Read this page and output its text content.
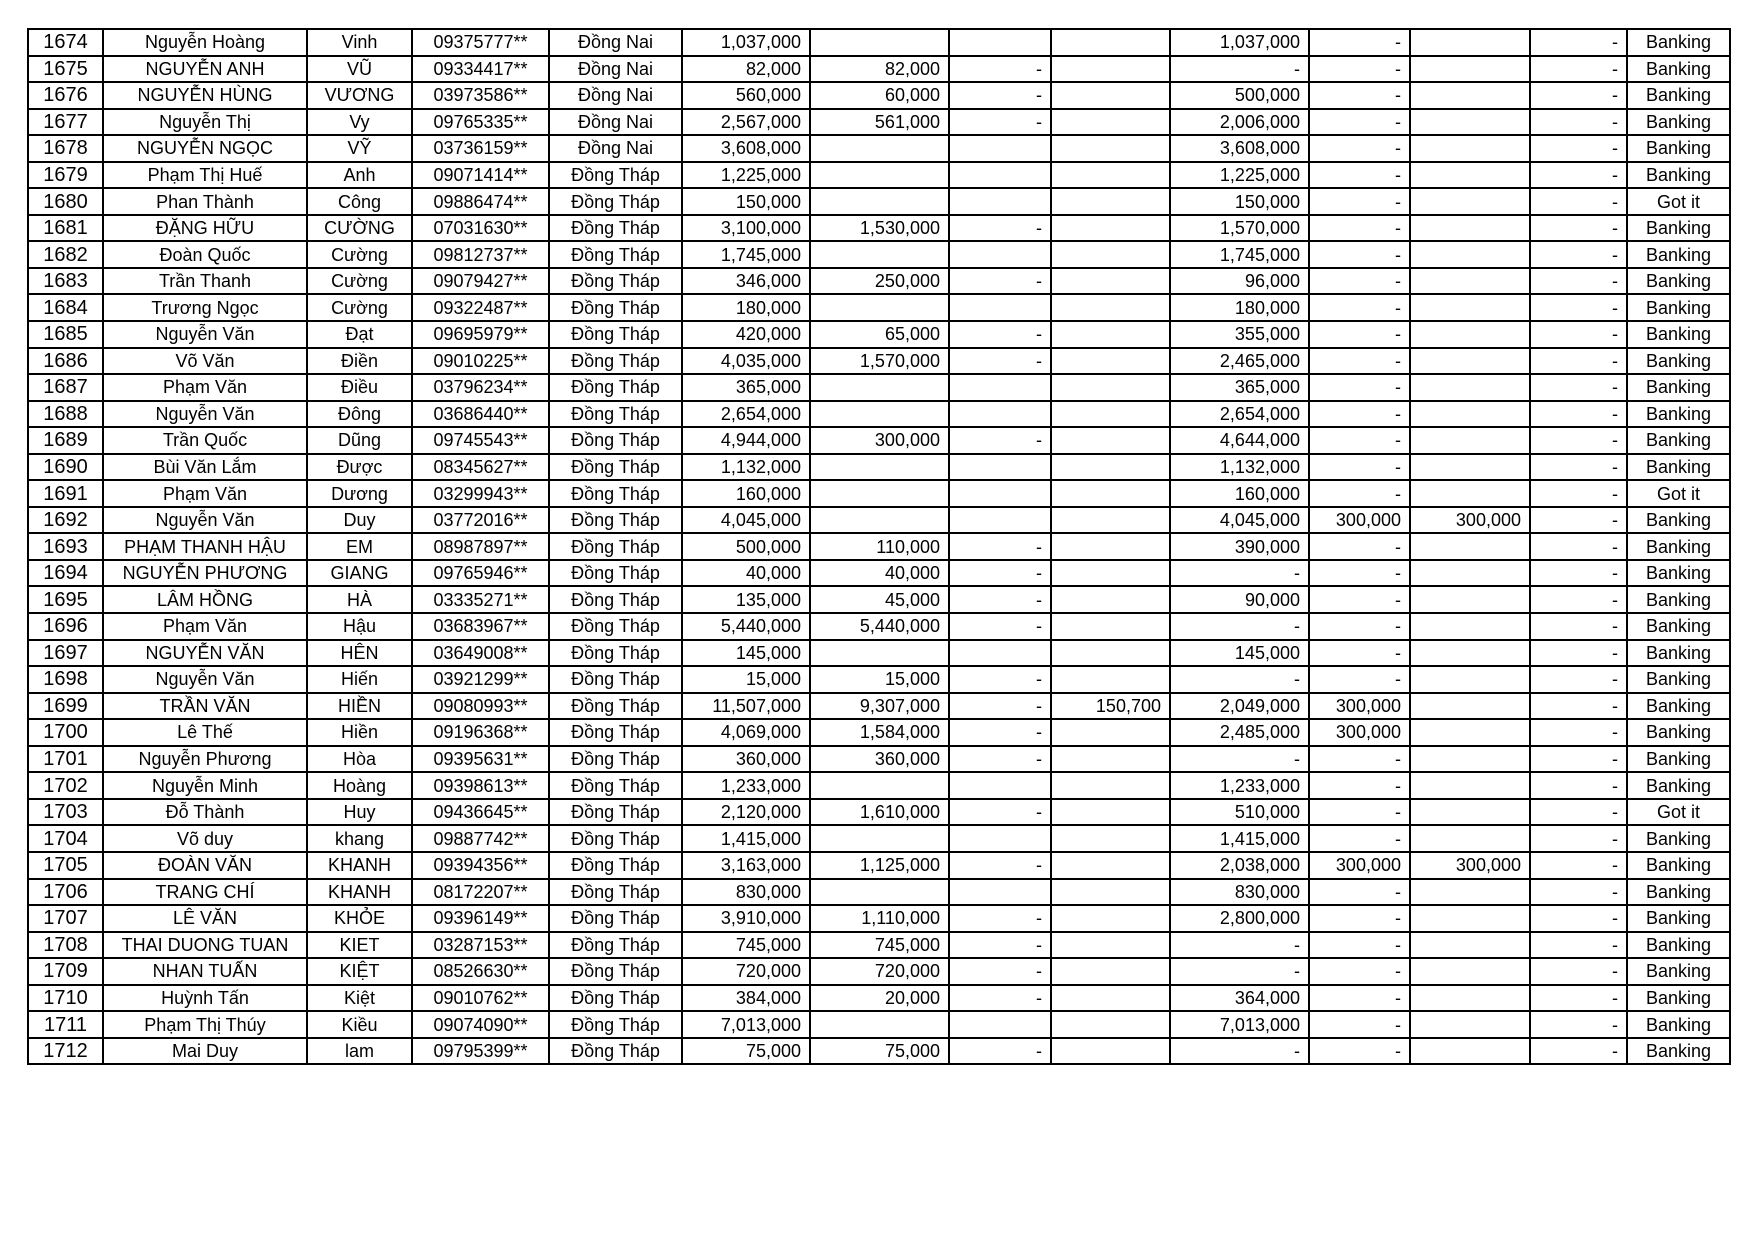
1674	Nguyễn Hoàng	Vinh	09375777**	Đồng Nai	1,037,000				1,037,000	-		-	Banking
1675	NGUYỄN ANH	VŨ	09334417**	Đồng Nai	82,000	82,000	-		-	-		-	Banking
1676	NGUYỄN HÙNG	VƯƠNG	03973586**	Đồng Nai	560,000	60,000	-		500,000	-		-	Banking
1677	Nguyễn Thị	Vy	09765335**	Đồng Nai	2,567,000	561,000	-		2,006,000	-		-	Banking
1678	NGUYỄN NGỌC	VỸ	03736159**	Đồng Nai	3,608,000				3,608,000	-		-	Banking
1679	Phạm Thị Huế	Anh	09071414**	Đồng Tháp	1,225,000				1,225,000	-		-	Banking
1680	Phan Thành	Công	09886474**	Đồng Tháp	150,000				150,000	-		-	Got it
1681	ĐẶNG HỮU	CƯỜNG	07031630**	Đồng Tháp	3,100,000	1,530,000	-		1,570,000	-		-	Banking
1682	Đoàn Quốc	Cường	09812737**	Đồng Tháp	1,745,000				1,745,000	-		-	Banking
1683	Trần Thanh	Cường	09079427**	Đồng Tháp	346,000	250,000	-		96,000	-		-	Banking
1684	Trương Ngọc	Cường	09322487**	Đồng Tháp	180,000				180,000	-		-	Banking
1685	Nguyễn Văn	Đạt	09695979**	Đồng Tháp	420,000	65,000	-		355,000	-		-	Banking
1686	Võ Văn	Điền	09010225**	Đồng Tháp	4,035,000	1,570,000	-		2,465,000	-		-	Banking
1687	Phạm Văn	Điều	03796234**	Đồng Tháp	365,000				365,000	-		-	Banking
1688	Nguyễn Văn	Đông	03686440**	Đồng Tháp	2,654,000				2,654,000	-		-	Banking
1689	Trần Quốc	Dũng	09745543**	Đồng Tháp	4,944,000	300,000	-		4,644,000	-		-	Banking
1690	Bùi Văn Lắm	Được	08345627**	Đồng Tháp	1,132,000				1,132,000	-		-	Banking
1691	Phạm Văn	Dương	03299943**	Đồng Tháp	160,000				160,000	-		-	Got it
1692	Nguyễn Văn	Duy	03772016**	Đồng Tháp	4,045,000				4,045,000	300,000	300,000	-	Banking
1693	PHẠM THANH HẬU	EM	08987897**	Đồng Tháp	500,000	110,000	-		390,000	-		-	Banking
1694	NGUYỄN PHƯƠNG	GIANG	09765946**	Đồng Tháp	40,000	40,000	-		-	-		-	Banking
1695	LÂM HỒNG	HÀ	03335271**	Đồng Tháp	135,000	45,000	-		90,000	-		-	Banking
1696	Phạm Văn	Hậu	03683967**	Đồng Tháp	5,440,000	5,440,000	-		-	-		-	Banking
1697	NGUYỄN VĂN	HÊN	03649008**	Đồng Tháp	145,000				145,000	-		-	Banking
1698	Nguyễn Văn	Hiến	03921299**	Đồng Tháp	15,000	15,000	-		-	-		-	Banking
1699	TRẦN VĂN	HIỀN	09080993**	Đồng Tháp	11,507,000	9,307,000	-	150,700	2,049,000	300,000		-	Banking
1700	Lê Thế	Hiền	09196368**	Đồng Tháp	4,069,000	1,584,000	-		2,485,000	300,000		-	Banking
1701	Nguyễn Phương	Hòa	09395631**	Đồng Tháp	360,000	360,000	-		-	-		-	Banking
1702	Nguyễn Minh	Hoàng	09398613**	Đồng Tháp	1,233,000				1,233,000	-		-	Banking
1703	Đỗ Thành	Huy	09436645**	Đồng Tháp	2,120,000	1,610,000	-		510,000	-		-	Got it
1704	Võ duy	khang	09887742**	Đồng Tháp	1,415,000				1,415,000	-		-	Banking
1705	ĐOÀN VĂN	KHANH	09394356**	Đồng Tháp	3,163,000	1,125,000	-		2,038,000	300,000	300,000	-	Banking
1706	TRANG CHÍ	KHANH	08172207**	Đồng Tháp	830,000				830,000	-		-	Banking
1707	LÊ VĂN	KHỎE	09396149**	Đồng Tháp	3,910,000	1,110,000	-		2,800,000	-		-	Banking
1708	THAI DUONG TUAN	KIET	03287153**	Đồng Tháp	745,000	745,000	-		-	-		-	Banking
1709	NHAN TUẤN	KIỆT	08526630**	Đồng Tháp	720,000	720,000	-		-	-		-	Banking
1710	Huỳnh Tấn	Kiệt	09010762**	Đồng Tháp	384,000	20,000	-		364,000	-		-	Banking
1711	Phạm Thị Thúy	Kiều	09074090**	Đồng Tháp	7,013,000				7,013,000	-		-	Banking
1712	Mai Duy	lam	09795399**	Đồng Tháp	75,000	75,000	-		-	-		-	Banking
